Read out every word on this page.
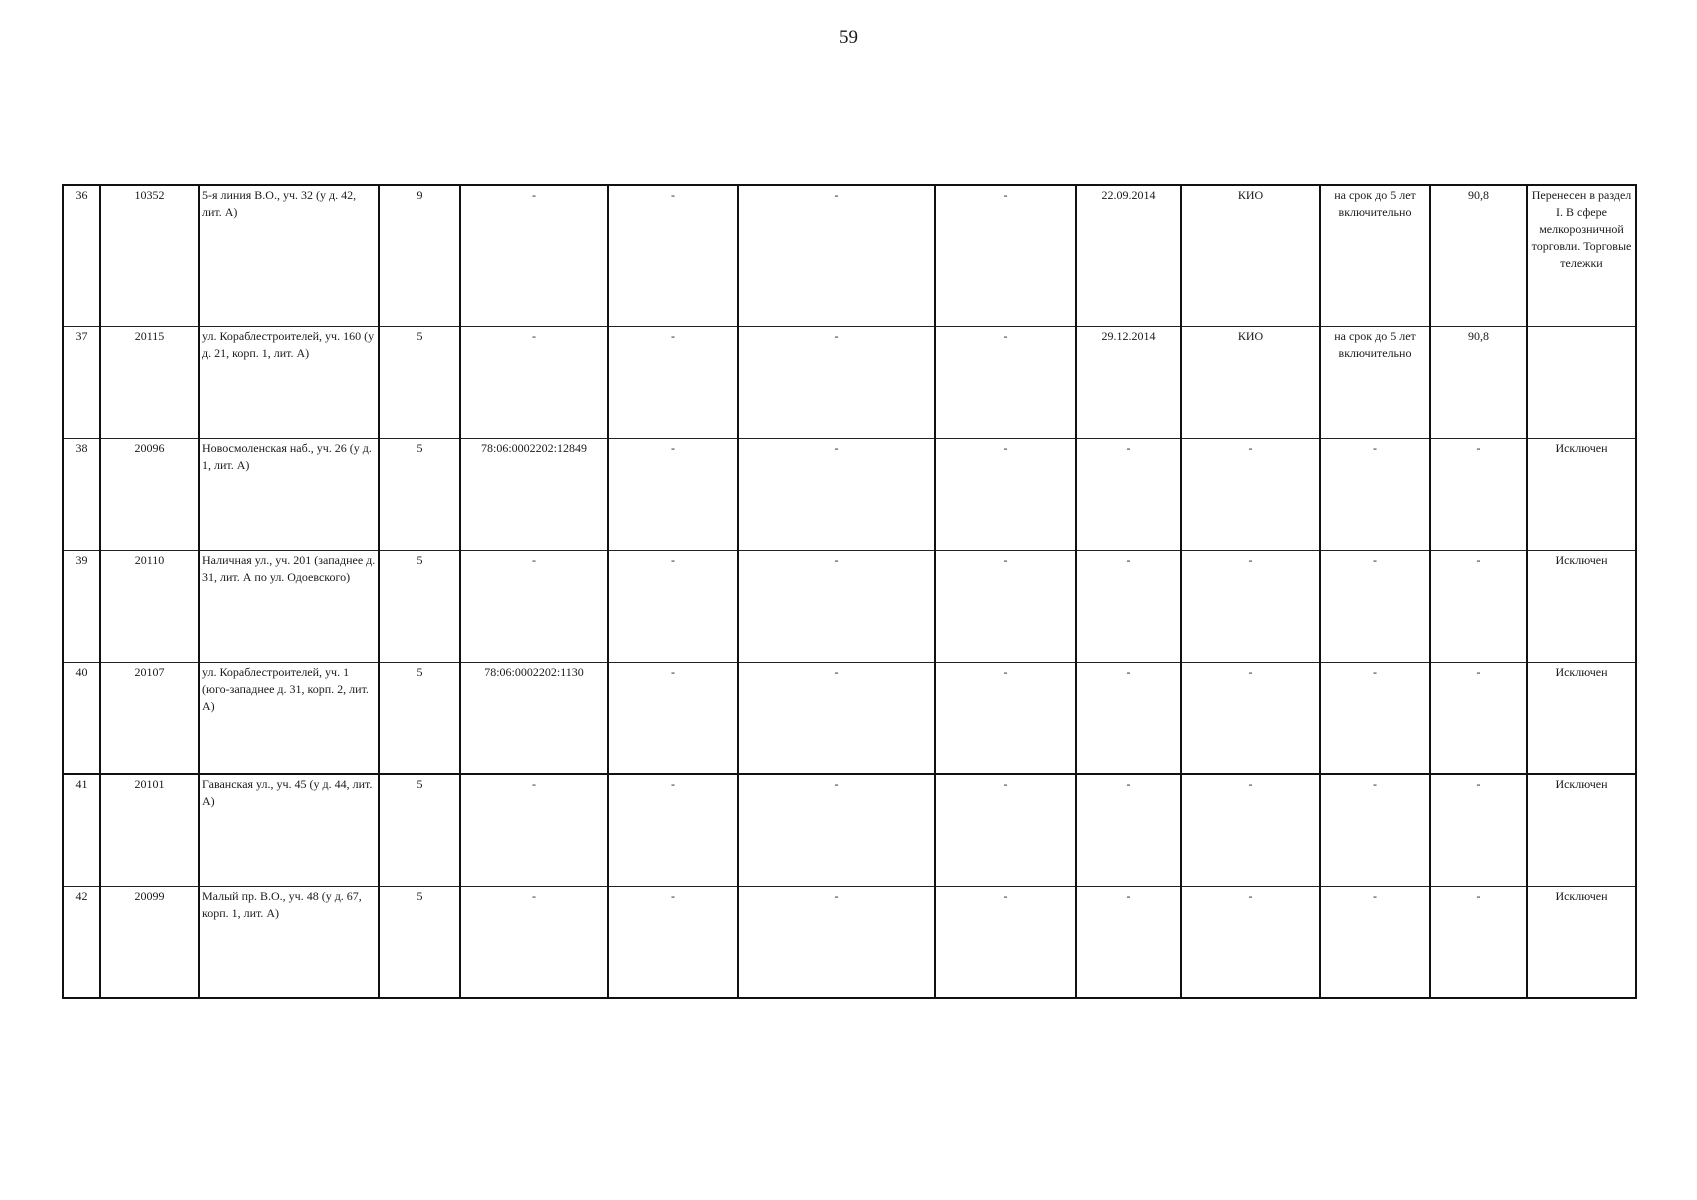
59
36	10352	5-я линия В.О., уч. 32 (у д. 42, лит. А)	9	-	-	-	-	22.09.2014	КИО	на срок до 5 лет включительно	90,8	Перенесен в раздел I. В сфере мелкорозничной торговли. Торговые тележки
37	20115	ул. Кораблестроителей, уч. 160 (у д. 21, корп. 1, лит. А)	5	-	-	-	-	29.12.2014	КИО	на срок до 5 лет включительно	90,8	
38	20096	Новосмоленская наб., уч. 26 (у д. 1, лит. А)	5	78:06:0002202:12849	-	-	-	-	-	-	-	Исключен
39	20110	Наличная ул., уч. 201 (западнее д. 31, лит. А по ул. Одоевского)	5	-	-	-	-	-	-	-	-	Исключен
40	20107	ул. Кораблестроителей, уч. 1 (юго-западнее д. 31, корп. 2, лит. А)	5	78:06:0002202:1130	-	-	-	-	-	-	-	Исключен
41	20101	Гаванская ул., уч. 45 (у д. 44, лит. А)	5	-	-	-	-	-	-	-	-	Исключен
42	20099	Малый пр. В.О., уч. 48 (у д. 67, корп. 1, лит. А)	5	-	-	-	-	-	-	-	-	Исключен
